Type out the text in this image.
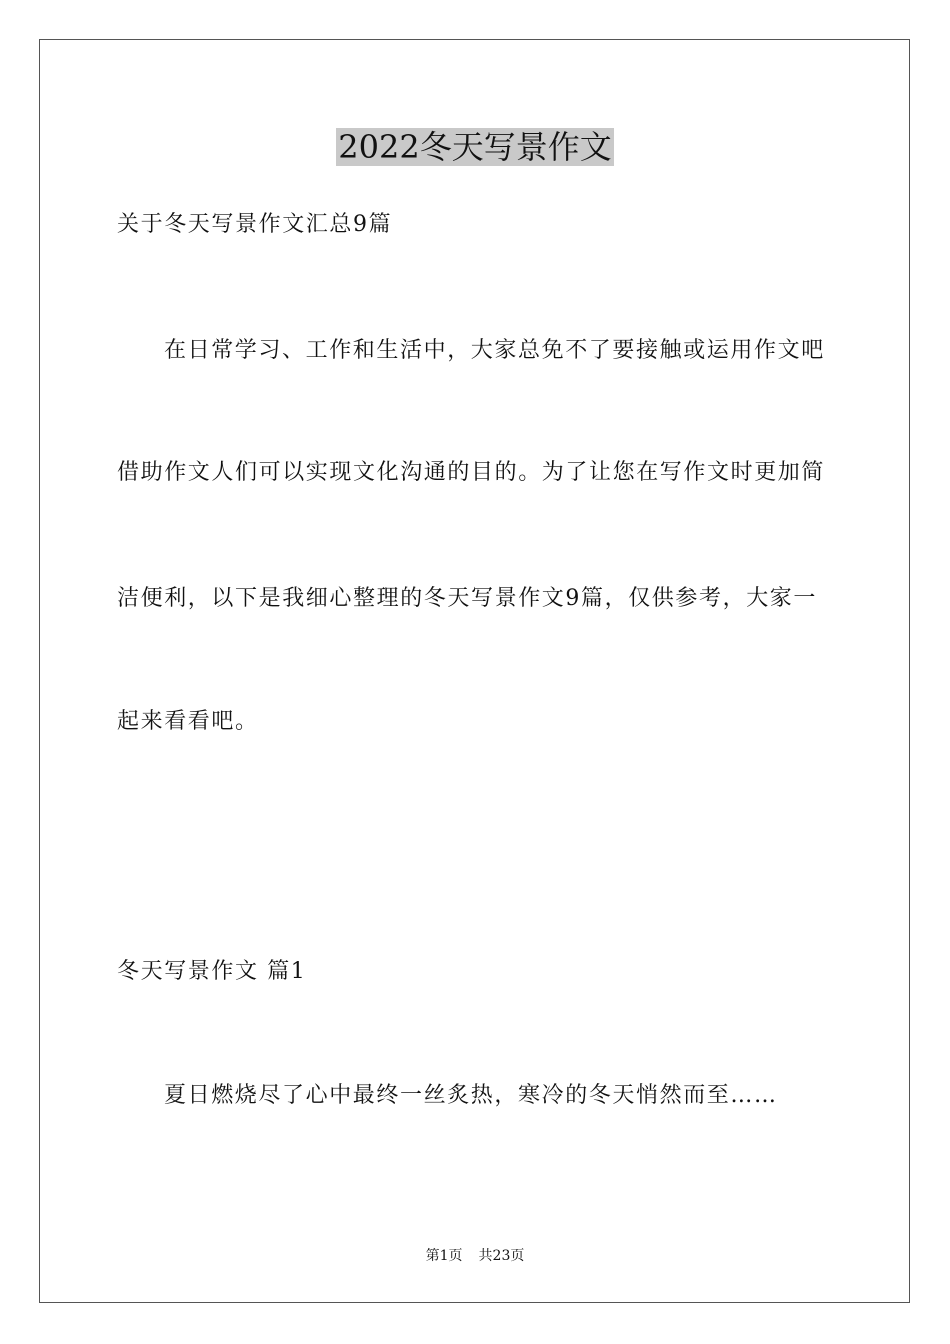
2022冬天写景作文
关于冬天写景作文汇总9篇
在日常学习、工作和生活中，大家总免不了要接触或运用作文吧
借助作文人们可以实现文化沟通的目的。为了让您在写作文时更加简
洁便利，以下是我细心整理的冬天写景作文9篇，仅供参考，大家一
起来看看吧。
冬天写景作文 篇1
夏日燃烧尽了心中最终一丝炙热，寒冷的冬天悄然而至……
第1页 共23页
